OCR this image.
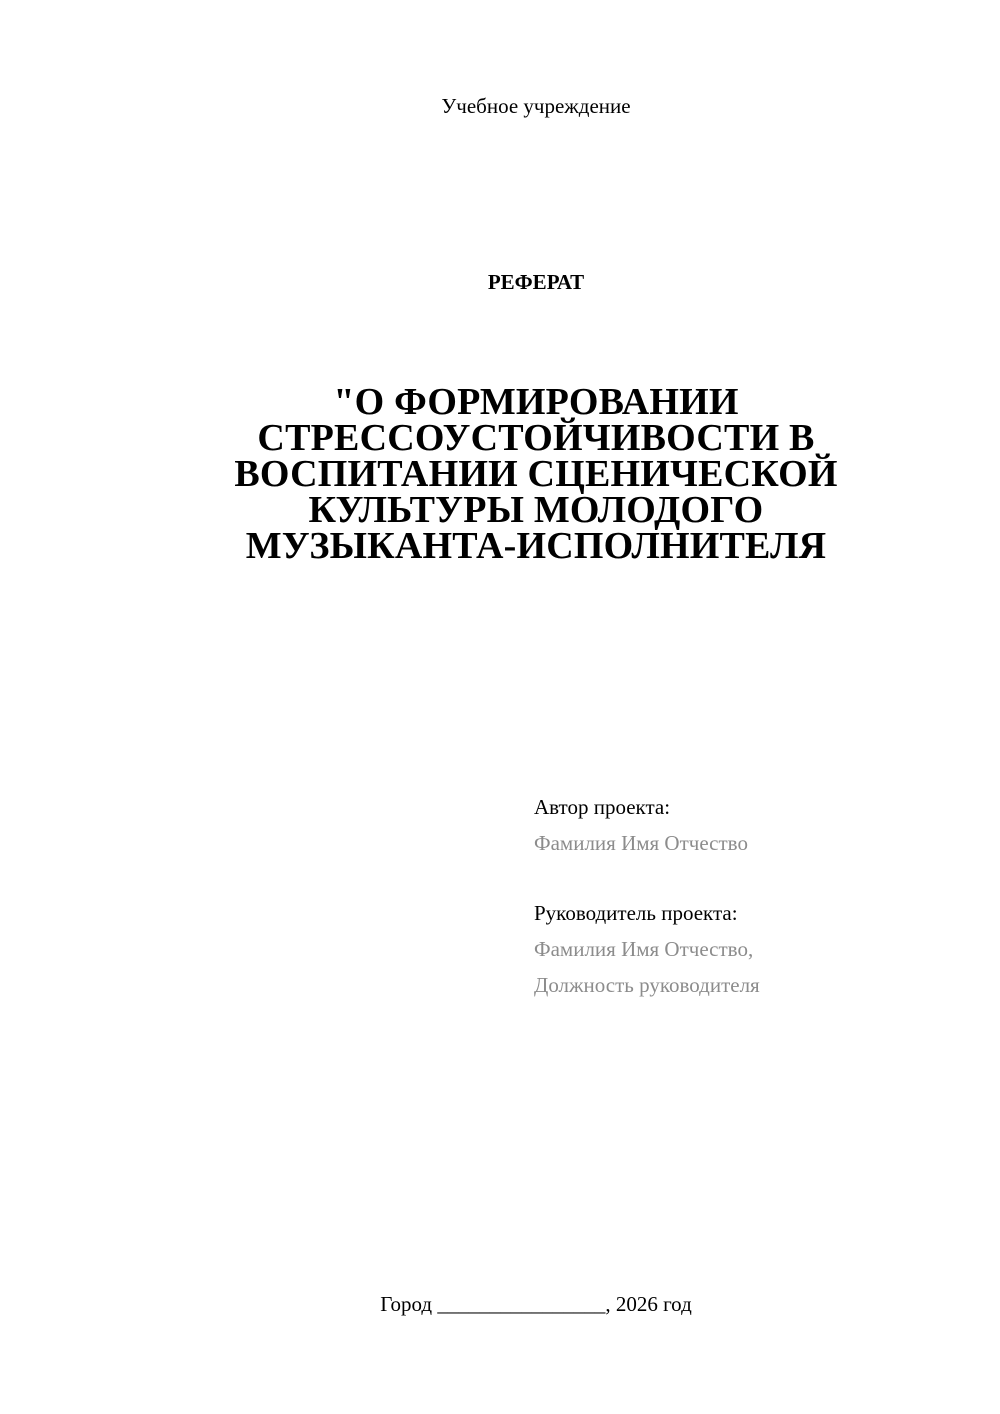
Учебное учреждение
РЕФЕРАТ
"О ФОРМИРОВАНИИ
СТРЕССОУСТОЙЧИВОСТИ В
ВОСПИТАНИИ СЦЕНИЧЕСКОЙ
КУЛЬТУРЫ МОЛОДОГО
МУЗЫКАНТА-ИСПОЛНИТЕЛЯ
Автор проекта:
Фамилия Имя Отчество
Руководитель проекта:
Фамилия Имя Отчество,
Должность руководителя
Город ________________, 2026 год
